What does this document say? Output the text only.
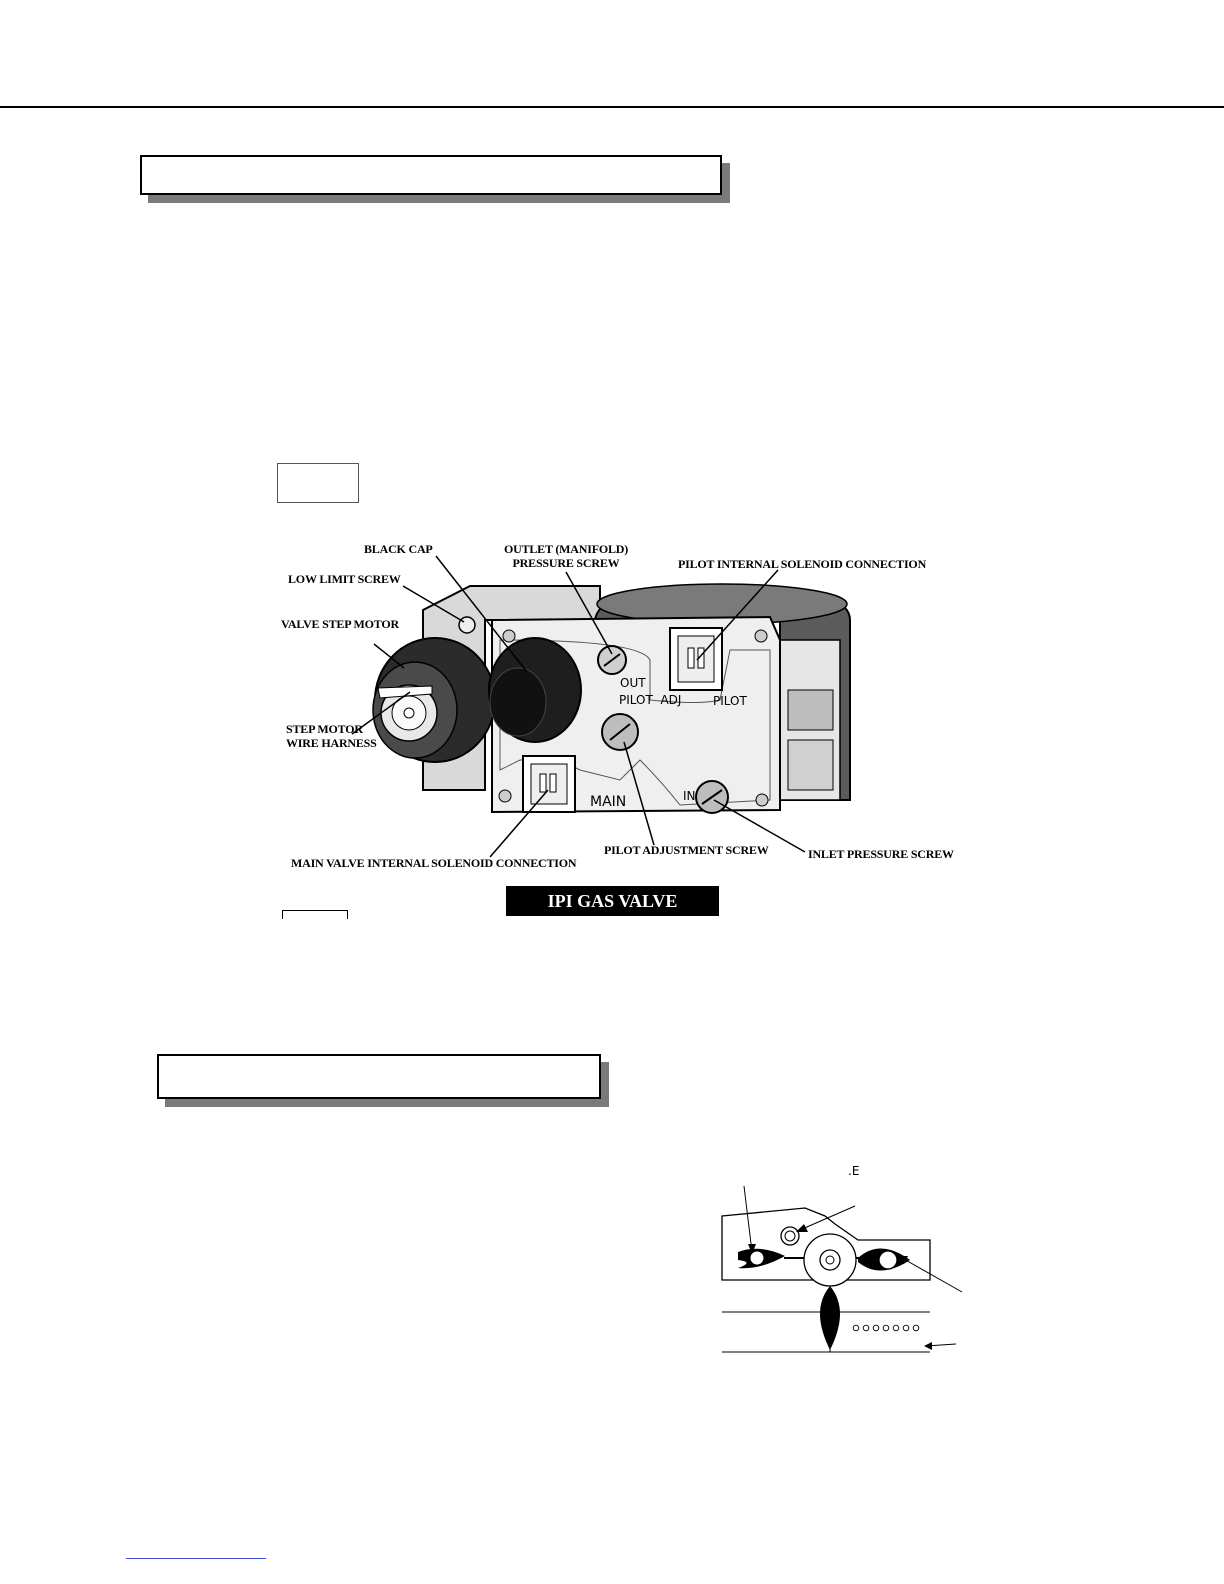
BLACK CAP	OUTLET (MANIFOLD)
PRESSURE SCREW	PILOT INTERNAL SOLENOID CONNECTION
LOW LIMIT SCREW
VALVE STEP MOTOR
STEP MOTOR
WIRE HARNESS
MAIN VALVE INTERNAL SOLENOID CONNECTION
PILOT ADJUSTMENT SCREW	INLET PRESSURE SCREW
OUT
PILOT  ADJ	PILOT
MAIN	IN
IPI GAS VALVE
.E
